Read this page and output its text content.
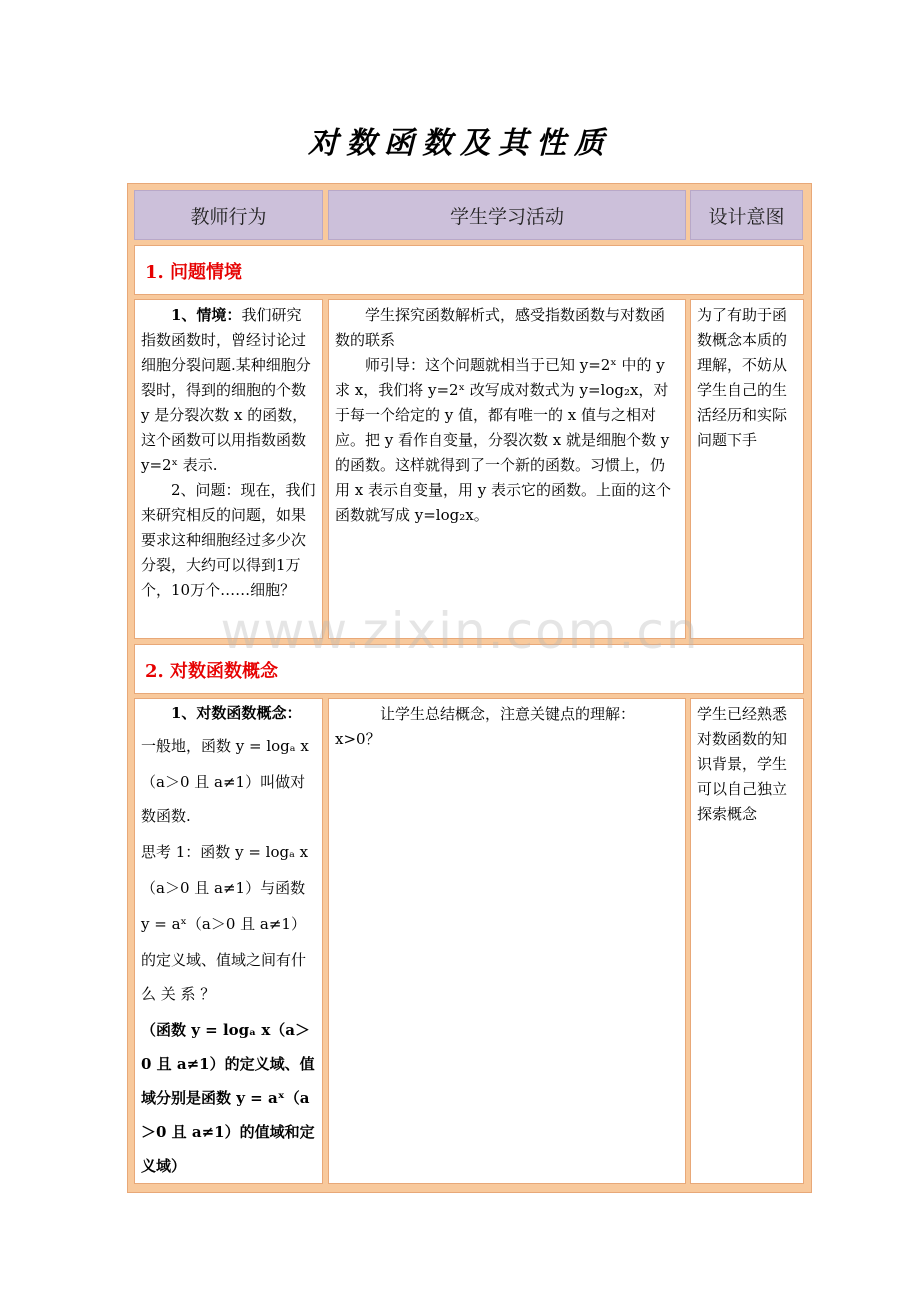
对数函数及其性质
教师行为	学生学习活动	设计意图
1. 问题情境

1、情境：我们研究指数函数时，曾经讨论过细胞分裂问题.某种细胞分裂时，得到的细胞的个数 y 是分裂次数 x 的函数，这个函数可以用指数函数 y=2ˣ 表示.

2、问题：现在，我们来研究相反的问题，如果要求这种细胞经过多少次分裂，大约可以得到1万个，10万个……细胞？

学生探究函数解析式，感受指数函数与对数函数的联系

师引导：这个问题就相当于已知 y=2ˣ 中的 y 求 x，我们将 y=2ˣ 改写成对数式为 y=log₂x，对于每一个给定的 y 值，都有唯一的 x 值与之相对应。把 y 看作自变量，分裂次数 x 就是细胞个数 y 的函数。这样就得到了一个新的函数。习惯上，仍用 x 表示自变量，用 y 表示它的函数。上面的这个函数就写成 y=log₂x。

为了有助于函数概念本质的理解，不妨从学生自己的生活经历和实际问题下手

2. 对数函数概念

1、对数函数概念：

一般地，函数 y = logₐ x

（a＞0 且 a≠1）叫做对数函数.

思考 1：函数 y = logₐ x

（a＞0 且 a≠1）与函数

y = aˣ（a＞0 且 a≠1）

的定义域、值域之间有什么 关 系 ？

（函数 y = logₐ x（a＞0 且 a≠1）的定义域、值域分别是函数 y = aˣ（a＞0 且 a≠1）的值域和定义域）

让学生总结概念，注意关键点的理解：x>0？

学生已经熟悉对数函数的知识背景，学生可以自己独立探索概念

www.zixin.com.cn
